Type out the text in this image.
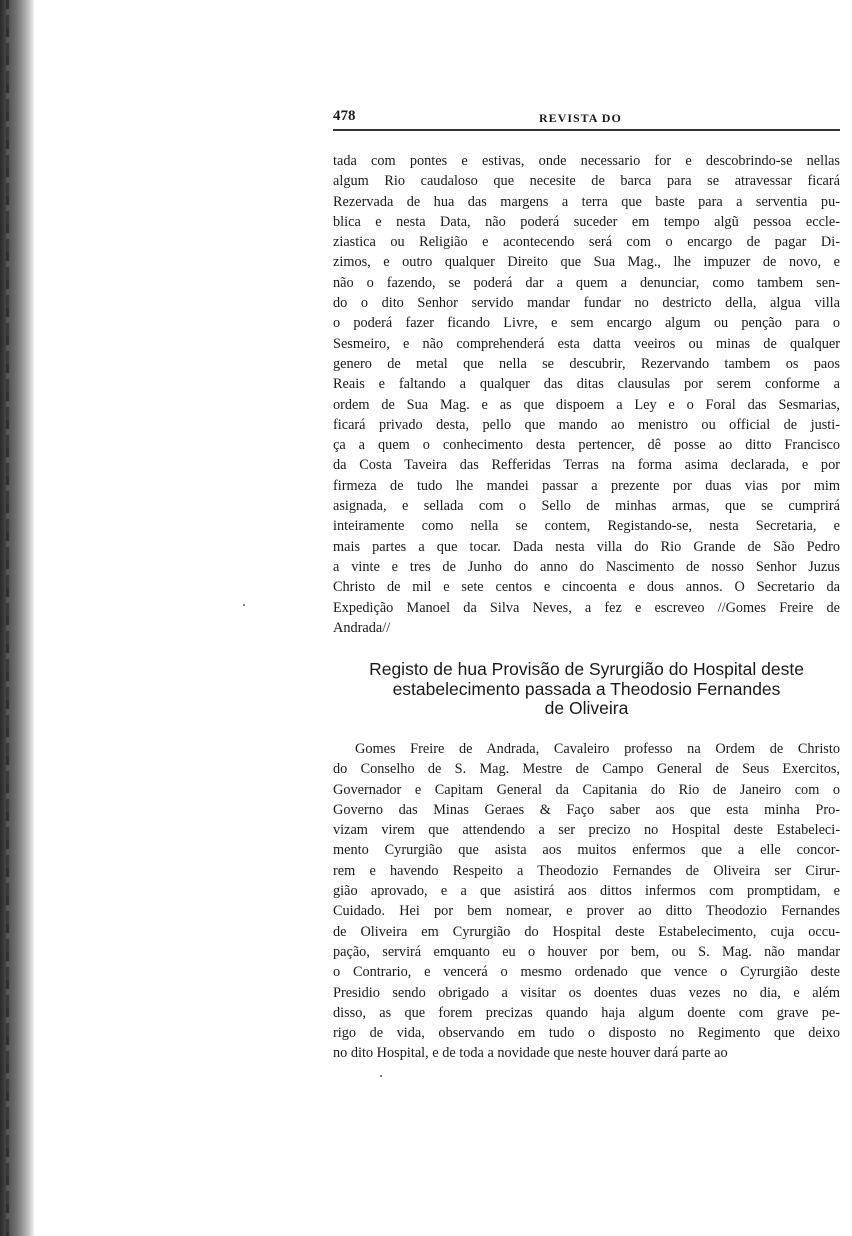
478	REVISTA DO

tada com pontes e estivas, onde necessario for e descobrindo-se nellas
algum Rio caudaloso que necesite de barca para se atravessar ficará
Rezervada de hua das margens a terra que baste para a serventia pu-
blica e nesta Data, não poderá suceder em tempo algũ pessoa eccle-
ziastica ou Religião e acontecendo será com o encargo de pagar Di-
zimos, e outro qualquer Direito que Sua Mag., lhe impuzer de novo, e
não o fazendo, se poderá dar a quem a denunciar, como tambem sen-
do o dito Senhor servido mandar fundar no destricto della, algua villa
o poderá fazer ficando Livre, e sem encargo algum ou penção para o
Sesmeiro, e não comprehenderá esta datta veeiros ou minas de qualquer
genero de metal que nella se descubrir, Rezervando tambem os paos
Reais e faltando a qualquer das ditas clausulas por serem conforme a
ordem de Sua Mag. e as que dispoem a Ley e o Foral das Sesmarias,
ficará privado desta, pello que mando ao menistro ou official de justi-
ça a quem o conhecimento desta pertencer, dê posse ao ditto Francisco
da Costa Taveira das Refferidas Terras na forma asima declarada, e por
firmeza de tudo lhe mandei passar a prezente por duas vias por mim
asignada, e sellada com o Sello de minhas armas, que se cumprirá
inteiramente como nella se contem, Registando-se, nesta Secretaria, e
mais partes a que tocar. Dada nesta villa do Rio Grande de São Pedro
a vinte e tres de Junho do anno do Nascimento de nosso Senhor Juzus
Christo de mil e sete centos e cincoenta e dous annos. O Secretario da
Expedição Manoel da Silva Neves, a fez e escreveo //Gomes Freire de
Andrada//

Registo de hua Provisão de Syrurgião do Hospital deste
estabelecimento passada a Theodosio Fernandes
de Oliveira

Gomes Freire de Andrada, Cavaleiro professo na Ordem de Christo
do Conselho de S. Mag. Mestre de Campo General de Seus Exercitos,
Governador e Capitam General da Capitania do Rio de Janeiro com o
Governo das Minas Geraes & Faço saber aos que esta minha Pro-
vizam virem que attendendo a ser precizo no Hospital deste Estabeleci-
mento Cyrurgião que asista aos muitos enfermos que a elle concor-
rem e havendo Respeito a Theodozio Fernandes de Oliveira ser Cirur-
gião aprovado, e a que asistirá aos dittos infermos com promptidam, e
Cuidado. Hei por bem nomear, e prover ao ditto Theodozio Fernandes
de Oliveira em Cyrurgião do Hospital deste Estabelecimento, cuja occu-
pação, servirá emquanto eu o houver por bem, ou S. Mag. não mandar
o Contrario, e vencerá o mesmo ordenado que vence o Cyrurgião deste
Presidio sendo obrigado a visitar os doentes duas vezes no dia, e além
disso, as que forem precizas quando haja algum doente com grave pe-
rigo de vida, observando em tudo o disposto no Regimento que deixo
no dito Hospital, e de toda a novidade que neste houver dará parte ao
